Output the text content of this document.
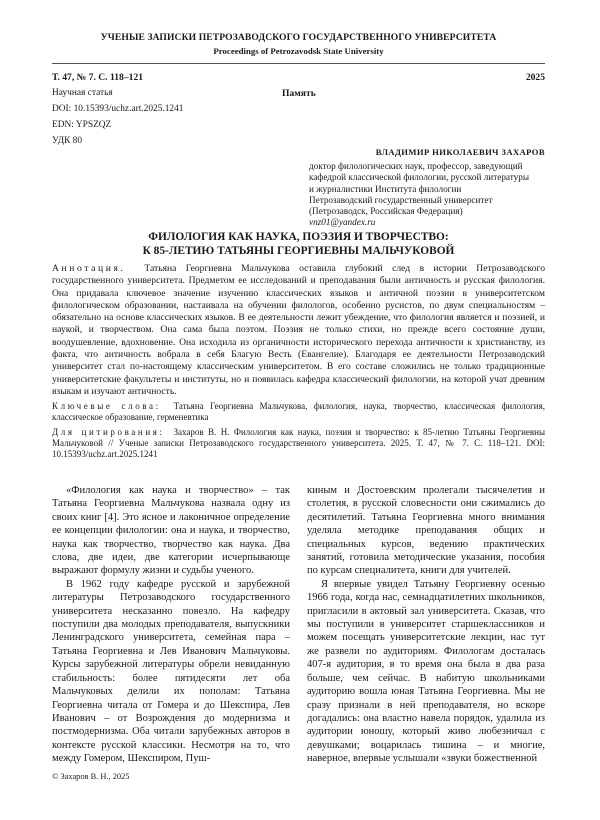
УЧЕНЫЕ ЗАПИСКИ ПЕТРОЗАВОДСКОГО ГОСУДАРСТВЕННОГО УНИВЕРСИТЕТА
Proceedings of Petrozavodsk State University
Т. 47, № 7. С. 118–121	2025
Научная статья
DOI: 10.15393/uchz.art.2025.1241
EDN: YPSZQZ
УДК 80
Память
ВЛАДИМИР НИКОЛАЕВИЧ ЗАХАРОВ
доктор филологических наук, профессор, заведующий
кафедрой классической филологии, русской литературы
и журналистики Института филологии
Петрозаводский государственный университет
(Петрозаводск, Российская Федерация)
vnz01@yandex.ru
ФИЛОЛОГИЯ КАК НАУКА, ПОЭЗИЯ И ТВОРЧЕСТВО:
К 85-ЛЕТИЮ ТАТЬЯНЫ ГЕОРГИЕВНЫ МАЛЬЧУКОВОЙ

Аннотация. Татьяна Георгиевна Мальчукова оставила глубокий след в истории Петрозаводского государственного университета. Предметом ее исследований и преподавания были античность и русская филология. Она придавала ключевое значение изучению классических языков и античной поэзии в университетском филологическом образовании, настаивала на обучении филологов, особенно русистов, по двум специальностям – обязательно на основе классических языков. В ее деятельности лежит убеждение, что филология является и поэзией, и наукой, и творчеством. Она сама была поэтом. Поэзия не только стихи, но прежде всего состояние души, воодушевление, вдохновение. Она исходила из органичности исторического перехода античности к христианству, из факта, что античность вобрала в себя Благую Весть (Евангелие). Благодаря ее деятельности Петрозаводский университет стал по-настоящему классическим университетом. В его составе сложились не только традиционные университетские факультеты и институты, но и появилась кафедра классический филологии, на которой учат древним языкам и изучают античность.

Ключевые слова: Татьяна Георгиевна Мальчукова, филология, наука, творчество, классическая филология, классическое образование, герменевтика

Для цитирования: Захаров В. Н. Филология как наука, поэзия и творчество: к 85-летию Татьяны Георгиевны Мальчуковой // Ученые записки Петрозаводского государственного университета. 2025. Т. 47, № 7. С. 118–121. DOI: 10.15393/uchz.art.2025.1241

«Филология как наука и творчество» – так Татьяна Георгиевна Мальчукова назвала одну из своих книг [4]. Это ясное и лаконичное определение ее концепции филологии: она и наука, и творчество, наука как творчество, творчество как наука. Два слова, две идеи, две категории исчерпывающе выражают формулу жизни и судьбы ученого.

В 1962 году кафедре русской и зарубежной литературы Петрозаводского государственного университета несказанно повезло. На кафедру поступили два молодых преподавателя, выпускники Ленинградского университета, семейная пара – Татьяна Георгиевна и Лев Иванович Мальчуковы. Курсы зарубежной литературы обрели невиданную стабильность: более пятидесяти лет оба Мальчуковых делили их пополам: Татьяна Георгиевна читала от Гомера и до Шекспира, Лев Иванович – от Возрождения до модернизма и постмодернизма. Оба читали зарубежных авторов в контексте русской классики. Несмотря на то, что между Гомером, Шекспиром, Пуш-

киным и Достоевским пролегали тысячелетия и столетия, в русской словесности они сжимались до десятилетий. Татьяна Георгиевна много внимания уделяла методике преподавания общих и специальных курсов, ведению практических занятий, готовила методические указания, пособия по курсам специалитета, книги для учителей.

Я впервые увидел Татьяну Георгиевну осенью 1966 года, когда нас, семнадцатилетних школьников, пригласили в актовый зал университета. Сказав, что мы поступили в университет старшеклассников и можем посещать университетские лекции, нас тут же развели по аудиториям. Филологам досталась 407-я аудитория, в то время она была в два раза больше, чем сейчас. В набитую школьниками аудиторию вошла юная Татьяна Георгиевна. Мы не сразу признали в ней преподавателя, но вскоре догадались: она властно навела порядок, удалила из аудитории юношу, который живо любезничал с девушками; воцарилась тишина – и многие, наверное, впервые услышали «звуки божественной

© Захаров В. Н., 2025
